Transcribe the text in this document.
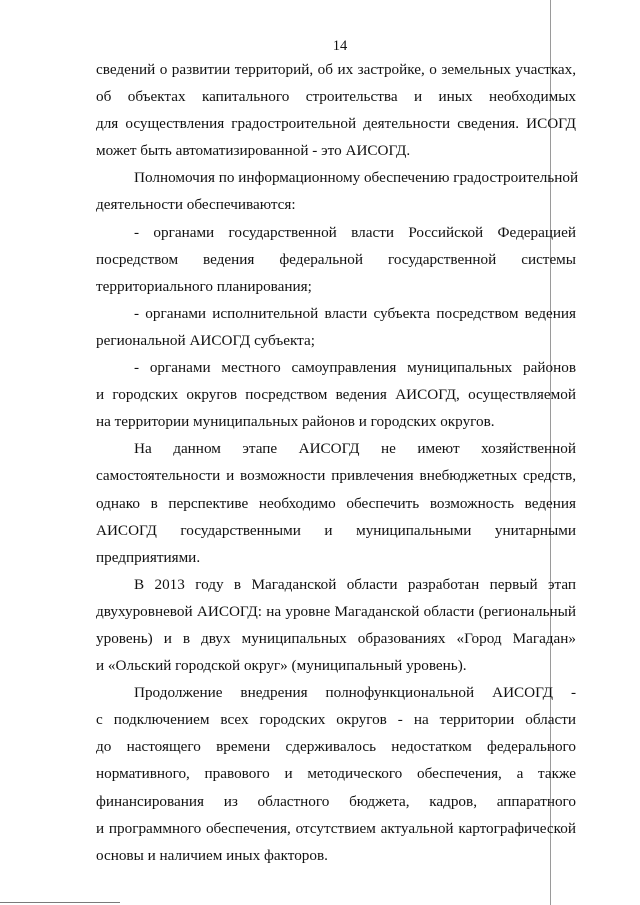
14
сведений о развитии территорий, об их застройке, о земельных участках,
об объектах капитального строительства и иных необходимых
для осуществления градостроительной деятельности сведения. ИСОГД
может быть автоматизированной - это АИСОГД.
Полномочия по информационному обеспечению градостроительной
деятельности обеспечиваются:
- органами государственной власти Российской Федерацией
посредством ведения федеральной государственной системы
территориального планирования;
- органами исполнительной власти субъекта посредством ведения
региональной АИСОГД субъекта;
- органами местного самоуправления муниципальных районов
и городских округов посредством ведения АИСОГД, осуществляемой
на территории муниципальных районов и городских округов.
На данном этапе АИСОГД не имеют хозяйственной
самостоятельности и возможности привлечения внебюджетных средств,
однако в перспективе необходимо обеспечить возможность ведения
АИСОГД государственными и муниципальными унитарными
предприятиями.
В 2013 году в Магаданской области разработан первый этап
двухуровневой АИСОГД: на уровне Магаданской области (региональный
уровень) и в двух муниципальных образованиях «Город Магадан»
и «Ольский городской округ» (муниципальный уровень).
Продолжение внедрения полнофункциональной АИСОГД -
с подключением всех городских округов - на территории области
до настоящего времени сдерживалось недостатком федерального
нормативного, правового и методического обеспечения, а также
финансирования из областного бюджета, кадров, аппаратного
и программного обеспечения, отсутствием актуальной картографической
основы и наличием иных факторов.
